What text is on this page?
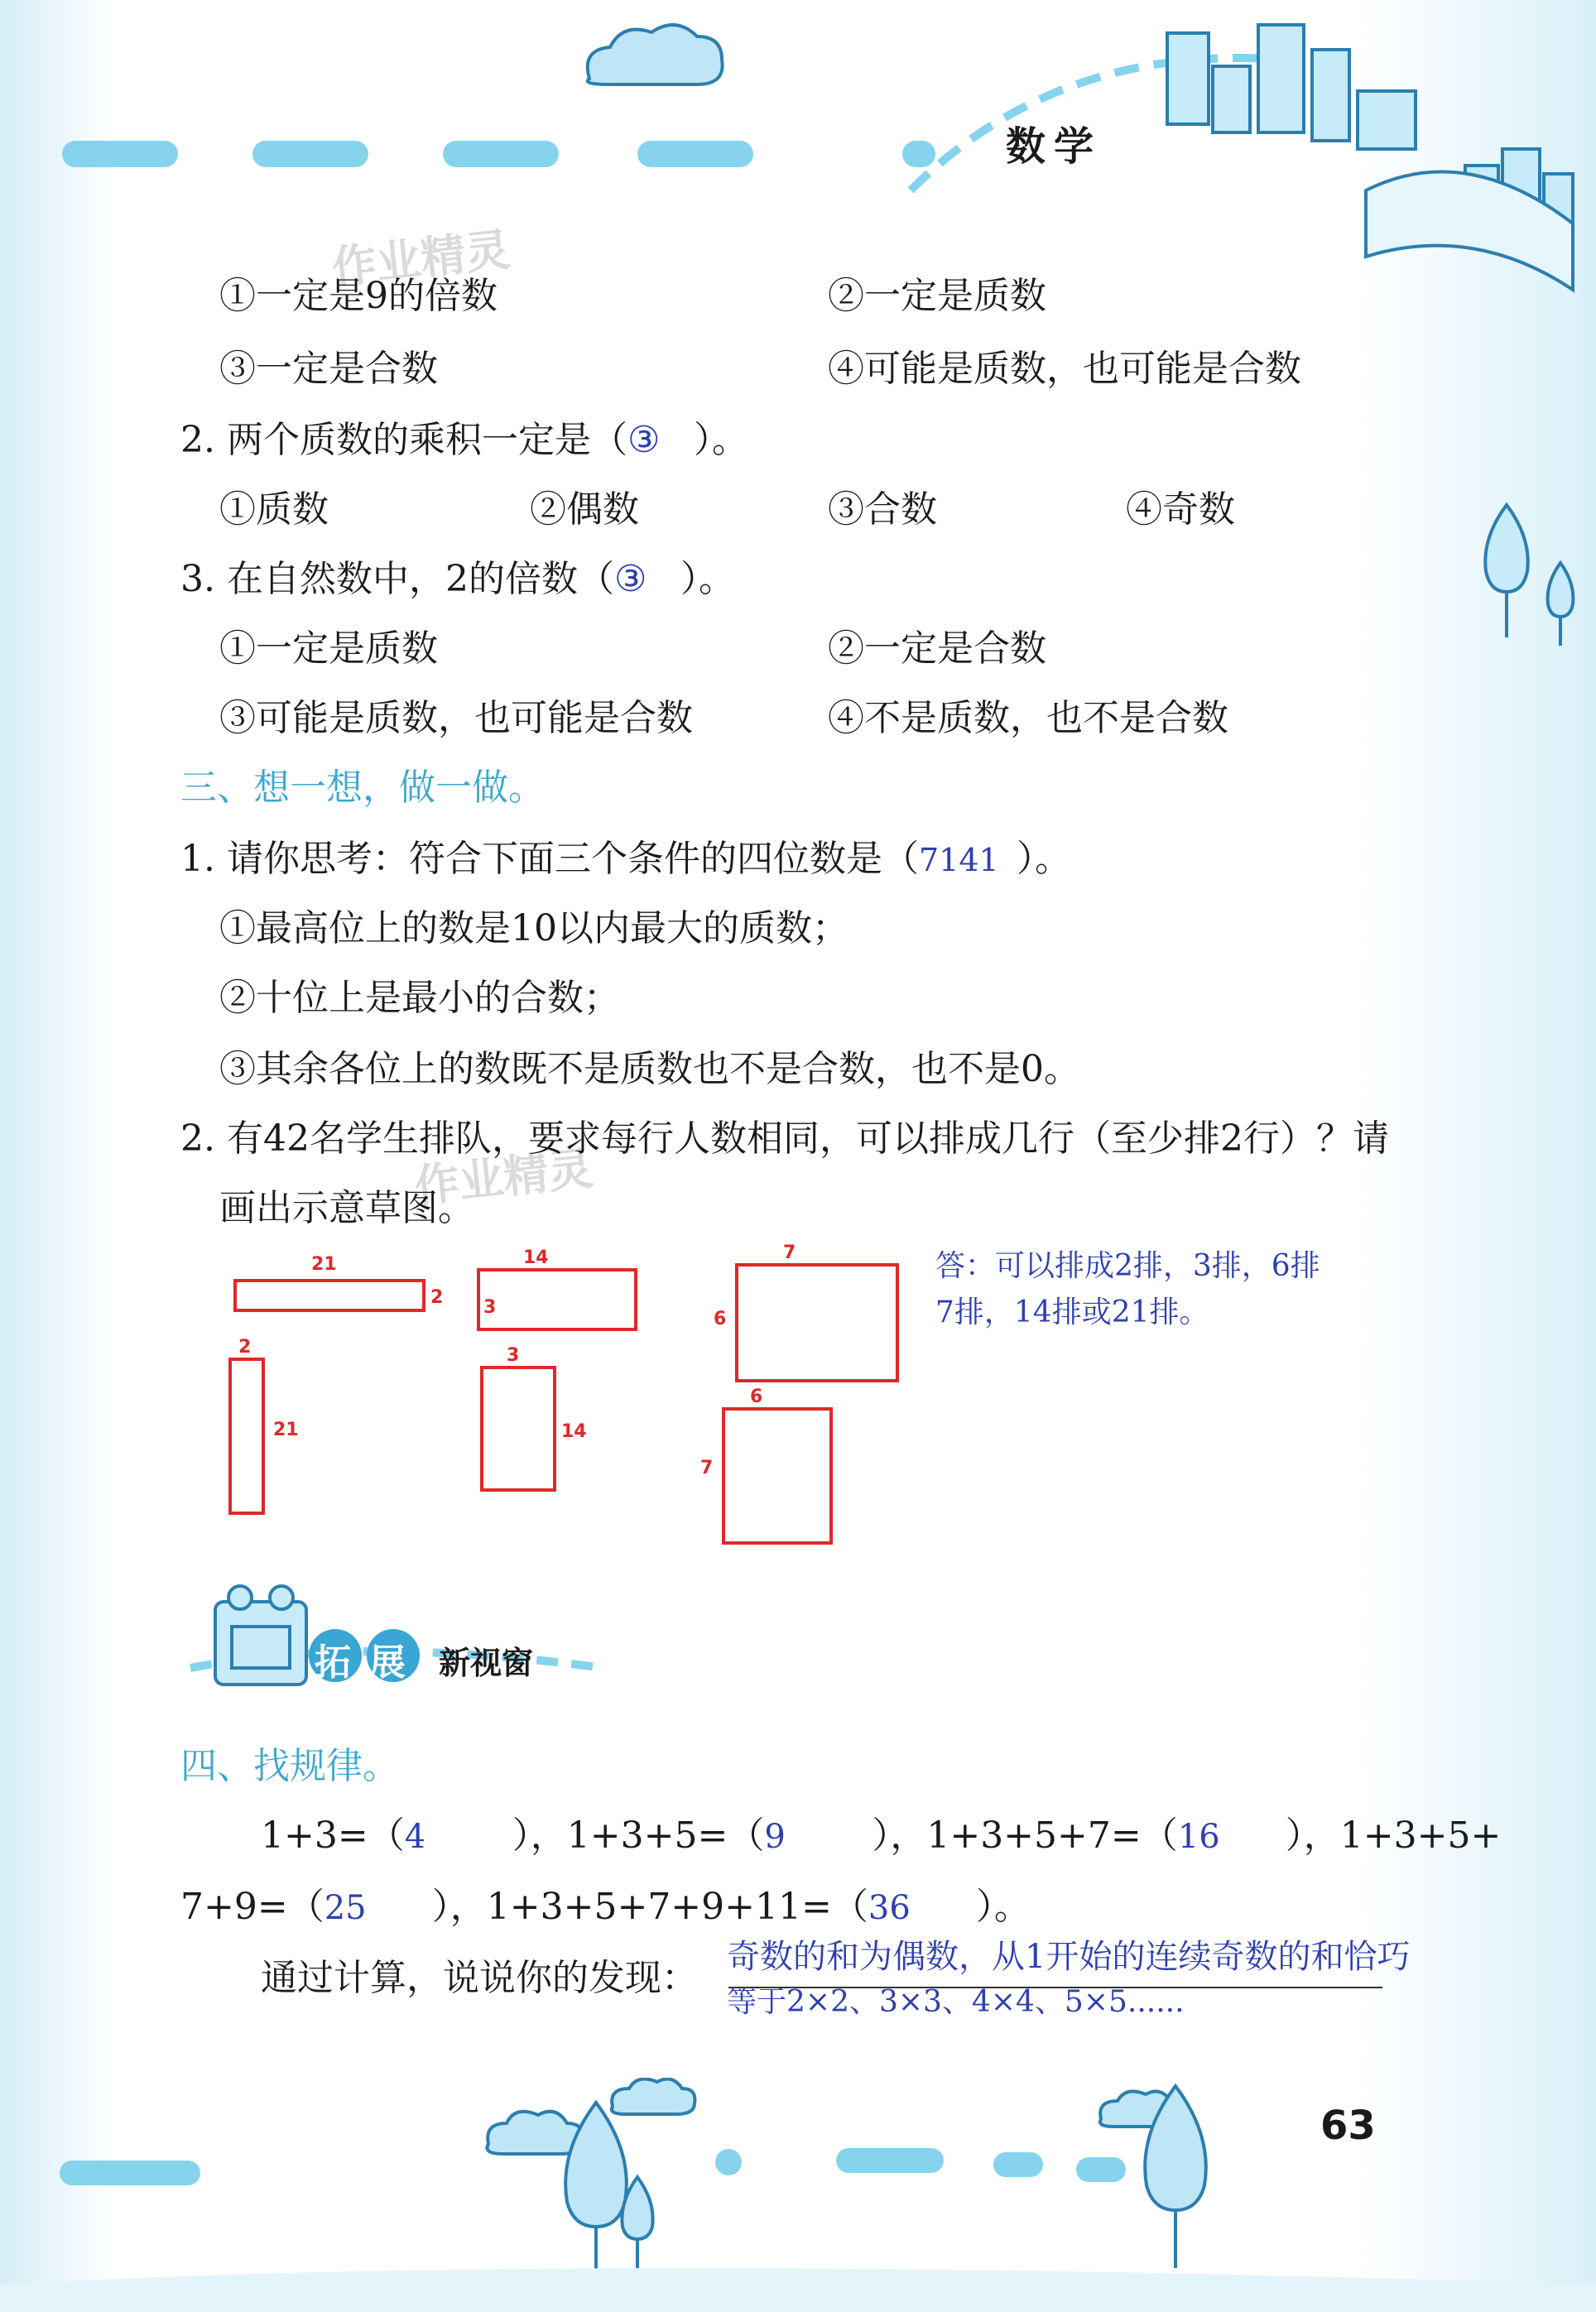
数学
作业精灵
作业精灵
①一定是9的倍数	②一定是质数
③一定是合数	④可能是质数，也可能是合数
2. 两个质数的乘积一定是（③ ）。
①质数	②偶数	③合数	④奇数
3. 在自然数中，2的倍数（③ ）。
①一定是质数	②一定是合数
③可能是质数，也可能是合数	④不是质数，也不是合数
三、想一想，做一做。
1. 请你思考：符合下面三个条件的四位数是（7141 ）。
①最高位上的数是10以内最大的质数；
②十位上是最小的合数；
③其余各位上的数既不是质数也不是合数，也不是0。
2. 有42名学生排队，要求每行人数相同，可以排成几行（至少排2行）？请
画出示意草图。
21
2
14
3
7
6
2
21
3
14
6
7
答：可以排成2排，3排，6排
7排，14排或21排。
拓展 新视窗
四、找规律。
1+3=（4 ），1+3+5=（9 ），1+3+5+7=（16 ），1+3+5+
7+9=（25 ），1+3+5+7+9+11=（36 ）。
通过计算，说说你的发现： 奇数的和为偶数，从1开始的连续奇数的和恰巧
等于2×2、3×3、4×4、5×5......
63
